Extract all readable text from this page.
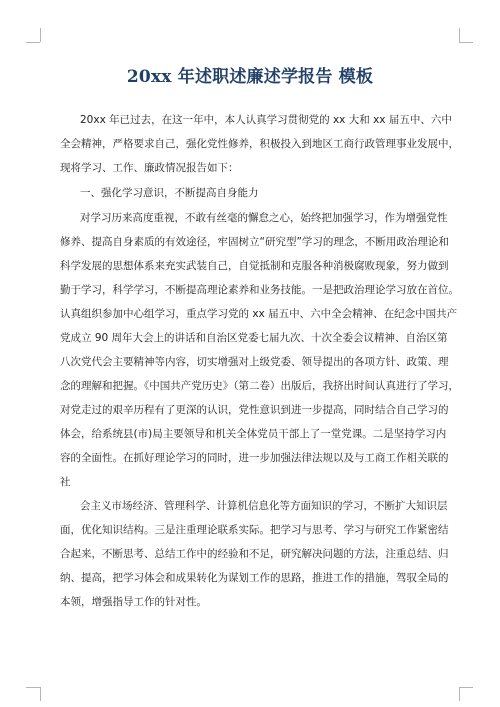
20xx 年述职述廉述学报告 模板
20xx 年已过去，在这一年中，本人认真学习贯彻党的 xx 大和 xx 届五中、六中
全会精神，严格要求自己，强化党性修养，积极投入到地区工商行政管理事业发展中，
现将学习、工作、廉政情况报告如下：
一、强化学习意识，不断提高自身能力
对学习历来高度重视，不敢有丝毫的懈怠之心，始终把加强学习，作为增强党性
修养、提高自身素质的有效途径，牢固树立“研究型”学习的理念，不断用政治理论和
科学发展的思想体系来充实武装自己，自觉抵制和克服各种消极腐败现象，努力做到
勤于学习，科学学习，不断提高理论素养和业务技能。一是把政治理论学习放在首位。
认真组织参加中心组学习，重点学习党的 xx 届五中、六中全会精神、在纪念中国共产
党成立 90 周年大会上的讲话和自治区党委七届九次、十次全委会议精神、自治区第
八次党代会主要精神等内容，切实增强对上级党委、领导提出的各项方针、政策、理
念的理解和把握。《中国共产党历史》（第二卷）出版后，我挤出时间认真进行了学习，
对党走过的艰辛历程有了更深的认识，党性意识到进一步提高，同时结合自己学习的
体会，给系统县(市)局主要领导和机关全体党员干部上了一堂党课。二是坚持学习内
容的全面性。在抓好理论学习的同时，进一步加强法律法规以及与工商工作相关联的
社
会主义市场经济、管理科学、计算机信息化等方面知识的学习，不断扩大知识层
面，优化知识结构。三是注重理论联系实际。把学习与思考、学习与研究工作紧密结
合起来，不断思考、总结工作中的经验和不足，研究解决问题的方法，注重总结、归
纳、提高，把学习体会和成果转化为谋划工作的思路，推进工作的措施，驾驭全局的
本领，增强指导工作的针对性。
